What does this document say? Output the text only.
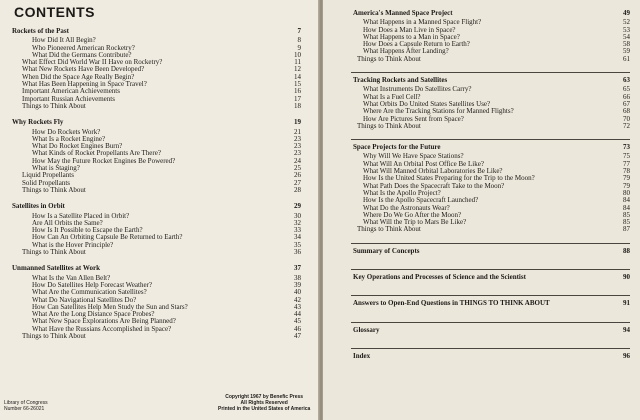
CONTENTS
Rockets of the Past	7
How Did It All Begin?	8
Who Pioneered American Rocketry?	9
What Did the Germans Contribute?	10
What Effect Did World War II Have on Rocketry?	11
What New Rockets Have Been Developed?	12
When Did the Space Age Really Begin?	14
What Has Been Happening in Space Travel?	15
Important American Achievements	16
Important Russian Achievements	17
Things to Think About	18
Why Rockets Fly	19
How Do Rockets Work?	21
What Is a Rocket Engine?	23
What Do Rocket Engines Burn?	23
What Kinds of Rocket Propellants Are There?	23
How May the Future Rocket Engines Be Powered?	24
What is Staging?	25
Liquid Propellants	26
Solid Propellants	27
Things to Think About	28
Satellites in Orbit	29
How Is a Satellite Placed in Orbit?	30
Are All Orbits the Same?	32
How Is It Possible to Escape the Earth?	33
How Can An Orbiting Capsule Be Returned to Earth?	34
What is the Hover Principle?	35
Things to Think About	36
Unmanned Satellites at Work	37
What Is the Van Allen Belt?	38
How Do Satellites Help Forecast Weather?	39
What Are the Communication Satellites?	40
What Do Navigational Satellites Do?	42
How Can Satellites Help Men Study the Sun and Stars?	43
What Are the Long Distance Space Probes?	44
What New Space Explorations Are Being Planned?	45
What Have the Russians Accomplished in Space?	46
Things to Think About	47
Library of Congress
Number 66-26021
Copyright 1967 by Benefic Press
All Rights Reserved
Printed in the United States of America
America's Manned Space Project	49
What Happens in a Manned Space Flight?	52
How Does a Man Live in Space?	53
What Happens to a Man in Space?	54
How Does a Capsule Return to Earth?	58
What Happens After Landing?	59
Things to Think About	61
Tracking Rockets and Satellites	63
What Instruments Do Satellites Carry?	65
What Is a Fuel Cell?	66
What Orbits Do United States Satellites Use?	67
Where Are the Tracking Stations for Manned Flights?	68
How Are Pictures Sent from Space?	70
Things to Think About	72
Space Projects for the Future	73
Why Will We Have Space Stations?	75
What Will An Orbital Post Office Be Like?	77
What Will Manned Orbital Laboratories Be Like?	78
How Is the United States Preparing for the Trip to the Moon?	79
What Path Does the Spacecraft Take to the Moon?	79
What Is the Apollo Project?	80
How Is the Apollo Spacecraft Launched?	84
What Do the Astronauts Wear?	84
Where Do We Go After the Moon?	85
What Will the Trip to Mars Be Like?	85
Things to Think About	87
Summary of Concepts	88
Key Operations and Processes of Science and the Scientist	90
Answers to Open-End Questions in THINGS TO THINK ABOUT	91
Glossary	94
Index	96
